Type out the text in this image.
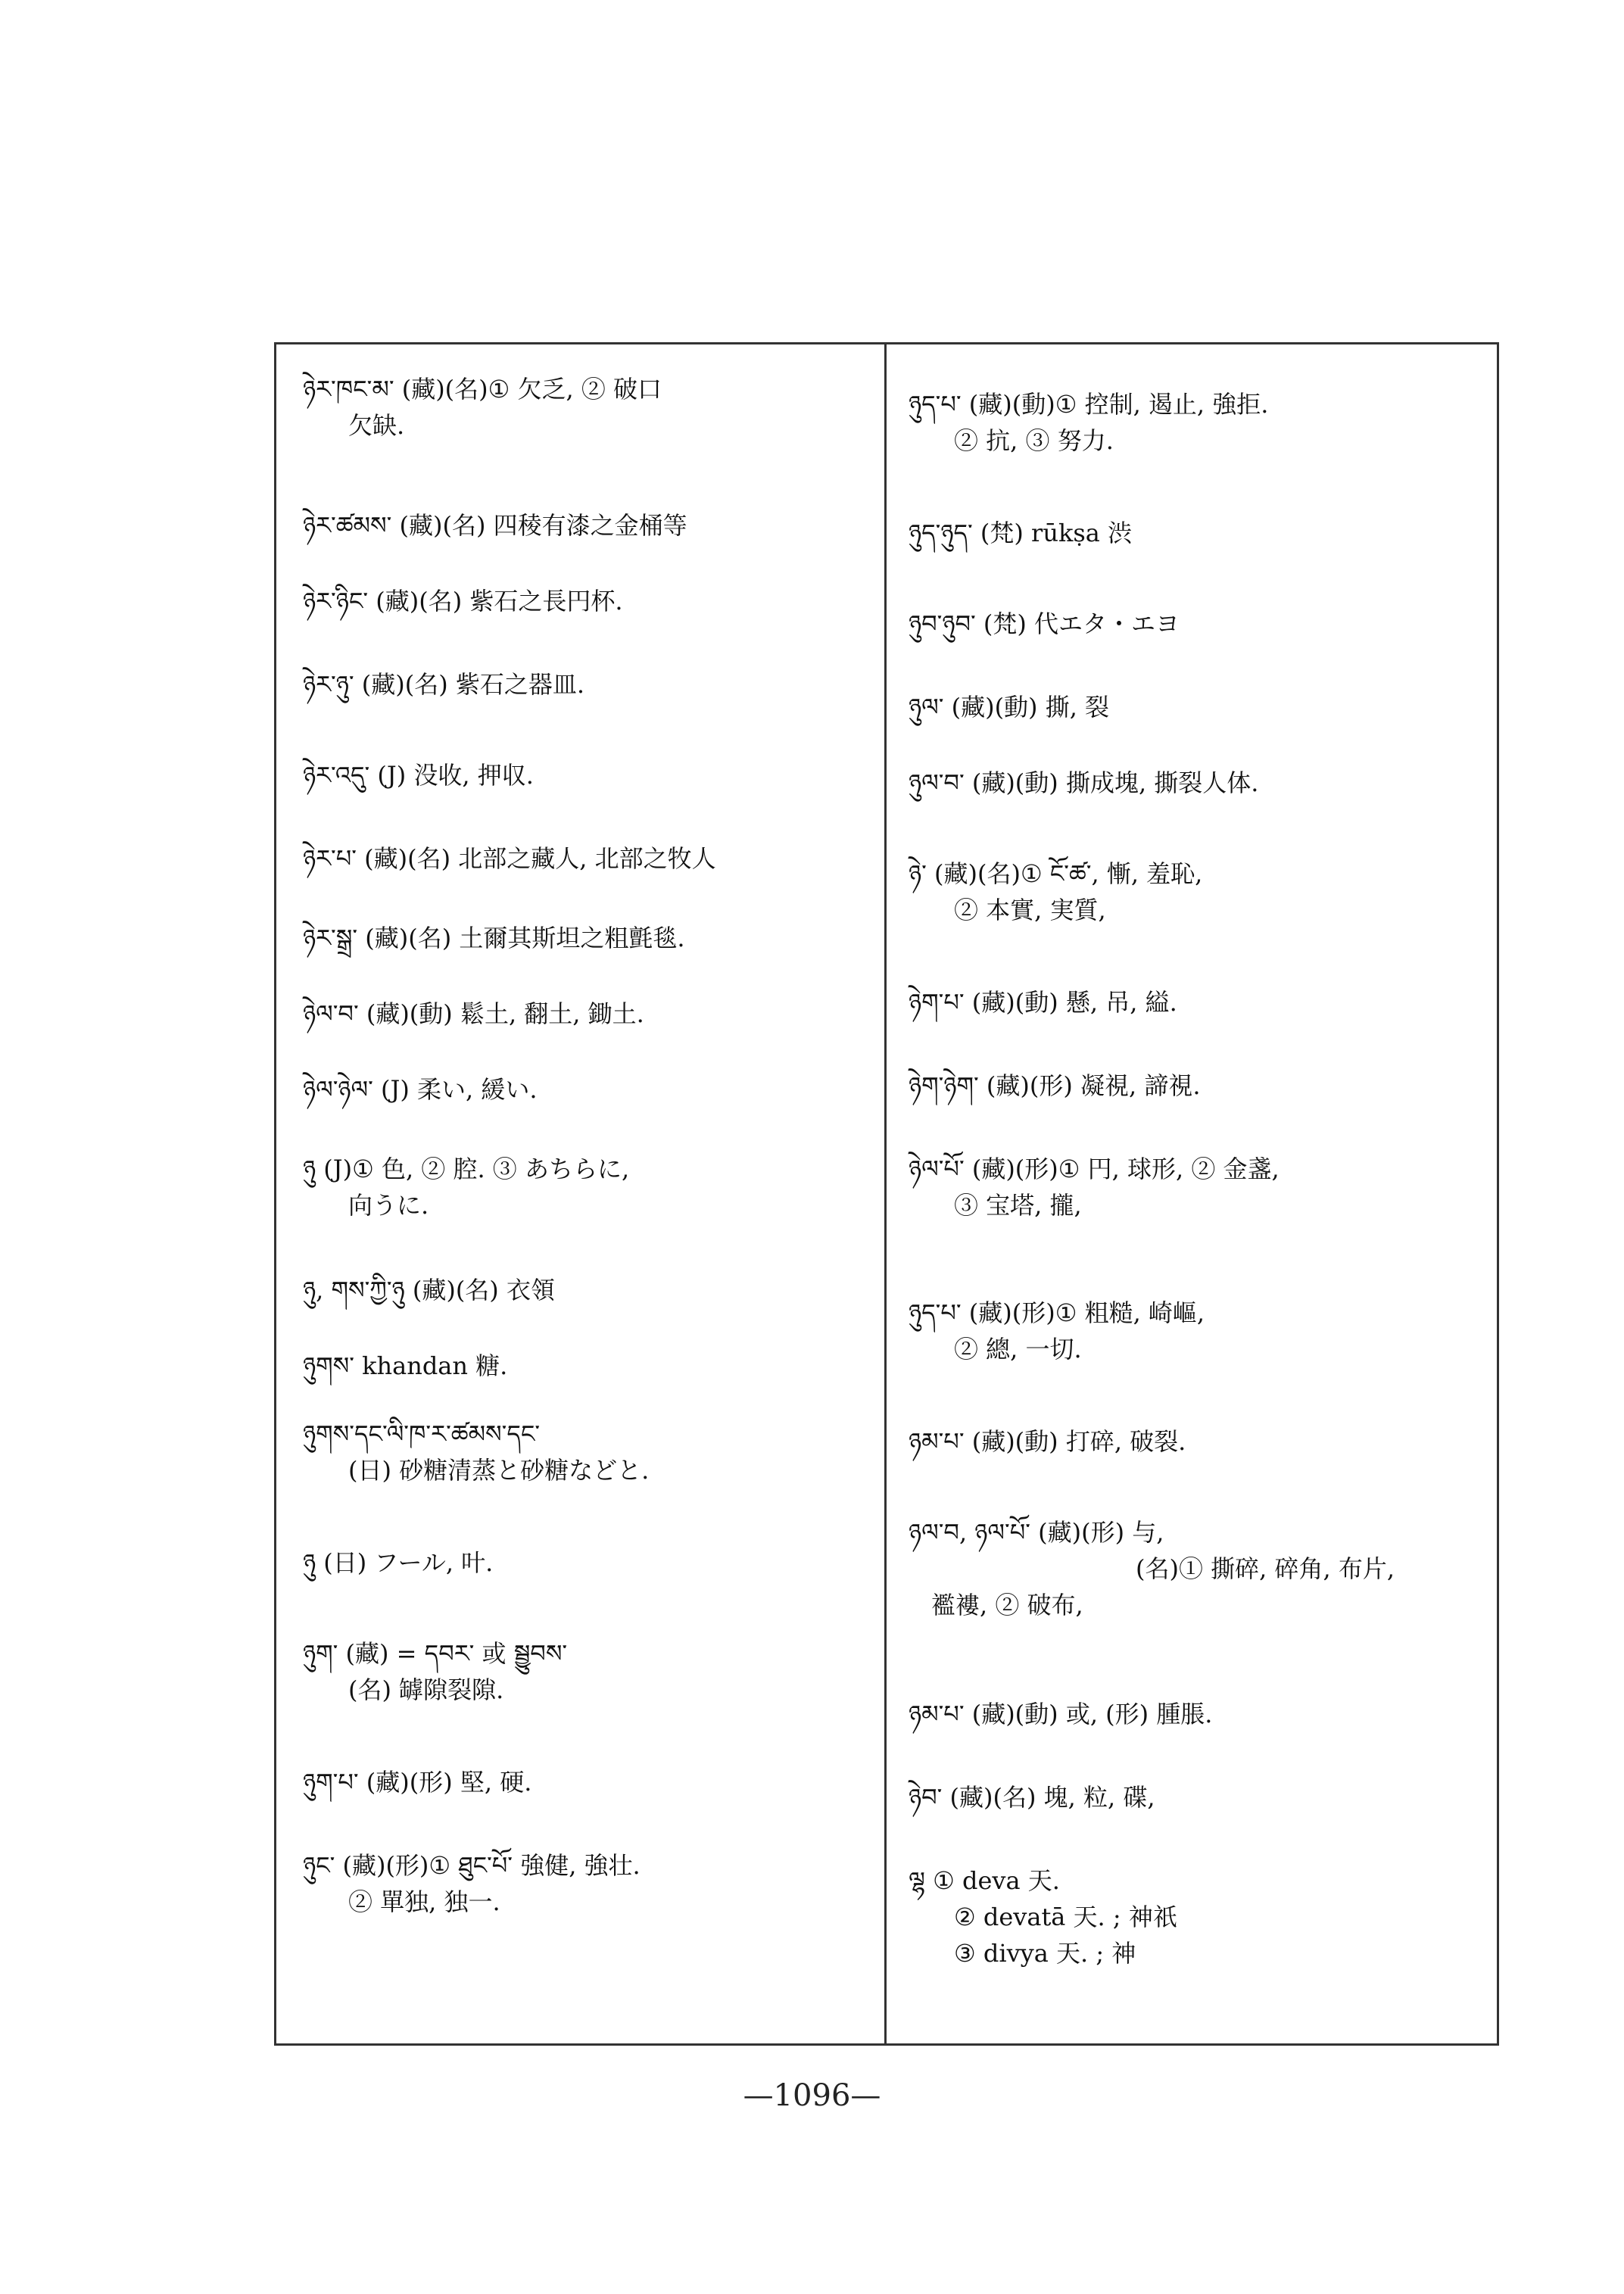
ཉེར་ཁང་མ་ (藏)(名)① 欠乏, ② 破口
欠缺.
ཉེར་ཚམས་ (藏)(名) 四稜有漆之金桶等
ཉེར་ཉིང་ (藏)(名) 紫石之長円杯.
ཉེར་ཉུ་ (藏)(名) 紫石之器皿.
ཉེར་འདུ་ (J) 没收, 押収.
ཉེར་པ་ (藏)(名) 北部之藏人, 北部之牧人
ཉེར་སྒྲ་ (藏)(名) 土爾其斯坦之粗氈毯.
ཉེལ་བ་ (藏)(動) 鬆土, 翻土, 鋤土.
ཉེལ་ཉེལ་ (J) 柔い, 緩い.
ཉུ (J)① 色, ② 腔. ③ あちらに,
向うに.
ཉུ, གས་ཀྱི་ཉུ (藏)(名) 衣領
ཉུགས་ khandan 糖.
ཉུགས་དང་ལི་ཁ་ར་ཚམས་དང་
(日) 砂糖清蒸と砂糖などと.
ཉུ (日) フール, 叶.
ཉུག་ (藏) = དབར་ 或 སྦྱུབས་
(名) 罅隙裂隙.
ཉུག་པ་ (藏)(形) 堅, 硬.
ཉུང་ (藏)(形)① ཐུང་པོ་ 強健, 強壮.
② 單独, 独一.
ཉུད་པ་ (藏)(動)① 控制, 遏止, 強拒.
② 抗, ③ 努力.
ཉུད་ཉུད་ (梵) rūkṣa 渋
ཉུབ་ཉུབ་ (梵) 代エタ・エヨ
ཉུལ་ (藏)(動) 撕, 裂
ཉུལ་བ་ (藏)(動) 撕成塊, 撕裂人体.
ཉེ་ (藏)(名)① ངོ་ཚ་, 慚, 羞恥,
② 本實, 実質,
ཉེག་པ་ (藏)(動) 懸, 吊, 縊.
ཉེག་ཉེག་ (藏)(形) 凝視, 諦視.
ཉེལ་པོ་ (藏)(形)① 円, 球形, ② 金盞,
③ 宝塔, 攏,
ཉུད་པ་ (藏)(形)① 粗糙, 崎嶇,
② 總, 一切.
ཉམ་པ་ (藏)(動) 打碎, 破裂.
ཉལ་བ, ཉལ་པོ་ (藏)(形) 与,
(名)① 撕碎, 碎角, 布片,
襤褸, ② 破布,
ཉམ་པ་ (藏)(動) 或, (形) 腫脹.
ཉེབ་ (藏)(名) 塊, 粒, 碟,
ལྷ ① deva 天.
② devatā 天. ; 神祇
③ divya 天. ; 神
—1096—
